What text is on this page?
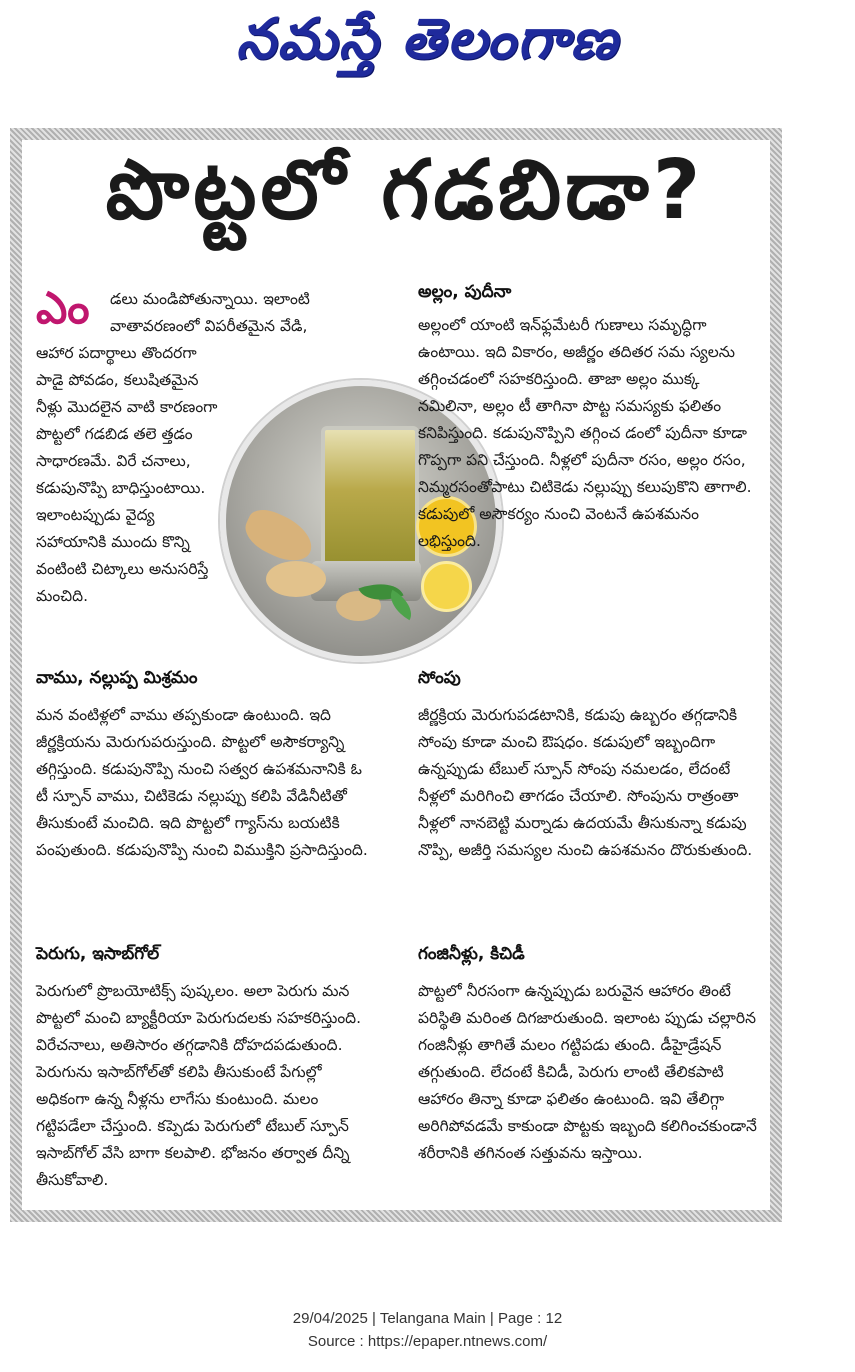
నమస్తే తెలంగాణ
పొట్టలో గడబిడా?
ఎం డలు మండిపోతున్నాయి. ఇలాంటి
వాతావరణంలో విపరీతమైన వేడి,
ఆహార పదార్థాలు తొందరగా పాడై పోవడం, కలుషితమైన నీళ్లు మొదలైన వాటి కారణంగా పొట్టలో గడబిడ తలె త్తడం సాధారణమే. విరే చనాలు, కడుపునొప్పి బాధిస్తుంటాయి. ఇలాంటప్పుడు వైద్య సహాయానికి ముందు కొన్ని వంటింటి చిట్కాలు అనుసరిస్తే మంచిది.
అల్లం, పుదీనా
అల్లంలో యాంటి ఇన్‌ఫ్లమేటరీ గుణాలు సమృద్ధిగా ఉంటాయి. ఇది వికారం, అజీర్ణం తదితర సమ స్యలను తగ్గించడంలో సహకరిస్తుంది. తాజా అల్లం ముక్క నమిలినా, అల్లం టీ తాగినా పొట్ట సమస్యకు ఫలితం కనిపిస్తుంది. కడుపునొప్పిని తగ్గించ డంలో పుదీనా కూడా గొప్పగా పని చేస్తుంది. నీళ్లలో పుదీనా రసం, అల్లం రసం, నిమ్మరసంతోపాటు చిటికెడు నల్లుప్పు కలుపుకొని తాగాలి. కడుపులో అసౌకర్యం నుంచి వెంటనే ఉపశమనం లభిస్తుంది.
వాము, నల్లుప్ప మిశ్రమం
మన వంటిళ్లలో వాము తప్పకుండా ఉంటుంది. ఇది జీర్ణక్రియను మెరుగుపరుస్తుంది. పొట్టలో అసౌకర్యాన్ని తగ్గిస్తుంది. కడుపునొప్పి నుంచి సత్వర ఉపశమనానికి ఓ టీ స్పూన్ వాము, చిటికెడు నల్లుప్పు కలిపి వేడినీటితో తీసుకుంటే మంచిది. ఇది పొట్టలో గ్యాస్‌ను బయటికి పంపుతుంది. కడుపునొప్పి నుంచి విముక్తిని ప్రసాదిస్తుంది.
సోంపు
జీర్ణక్రియ మెరుగుపడటానికి, కడుపు ఉబ్బరం తగ్గడానికి సోంపు కూడా మంచి ఔషధం. కడుపులో ఇబ్బందిగా ఉన్నప్పుడు టేబుల్ స్పూన్ సోంపు నమలడం, లేదంటే నీళ్లలో మరిగించి తాగడం చేయాలి. సోంపును రాత్రంతా నీళ్లలో నానబెట్టి మర్నాడు ఉదయమే తీసుకున్నా కడుపు నొప్పి, అజీర్తి సమస్యల నుంచి ఉపశమనం దొరుకుతుంది.
పెరుగు, ఇసాబ్‌గోల్
పెరుగులో ప్రొబయోటిక్స్ పుష్కలం. అలా పెరుగు మన పొట్టలో మంచి బ్యాక్టీరియా పెరుగుదలకు సహకరిస్తుంది. విరేచనాలు, అతిసారం తగ్గడానికి దోహదపడుతుంది. పెరుగును ఇసాబ్‌గోల్‌తో కలిపి తీసుకుంటే పేగుల్లో అధికంగా ఉన్న నీళ్లను లాగేసు కుంటుంది. మలం గట్టిపడేలా చేస్తుంది. కప్పెడు పెరుగులో టేబుల్ స్పూన్ ఇసాబ్‌గోల్ వేసి బాగా కలపాలి. భోజనం తర్వాత దీన్ని తీసుకోవాలి.
గంజినీళ్లు, కిచిడీ
పొట్టలో నీరసంగా ఉన్నప్పుడు బరువైన ఆహారం తింటే పరిస్థితి మరింత దిగజారుతుంది. ఇలాంట ప్పుడు చల్లారిన గంజినీళ్లు తాగితే మలం గట్టిపడు తుంది. డీహైడ్రేషన్ తగ్గుతుంది. లేదంటే కిచిడీ, పెరుగు లాంటి తేలికపాటి ఆహారం తిన్నా కూడా ఫలితం ఉంటుంది. ఇవి తేలిగ్గా అరిగిపోవడమే కాకుండా పొట్టకు ఇబ్బంది కలిగించకుండానే శరీరానికి తగినంత సత్తువను ఇస్తాయి.
29/04/2025 | Telangana Main | Page : 12
Source : https://epaper.ntnews.com/
